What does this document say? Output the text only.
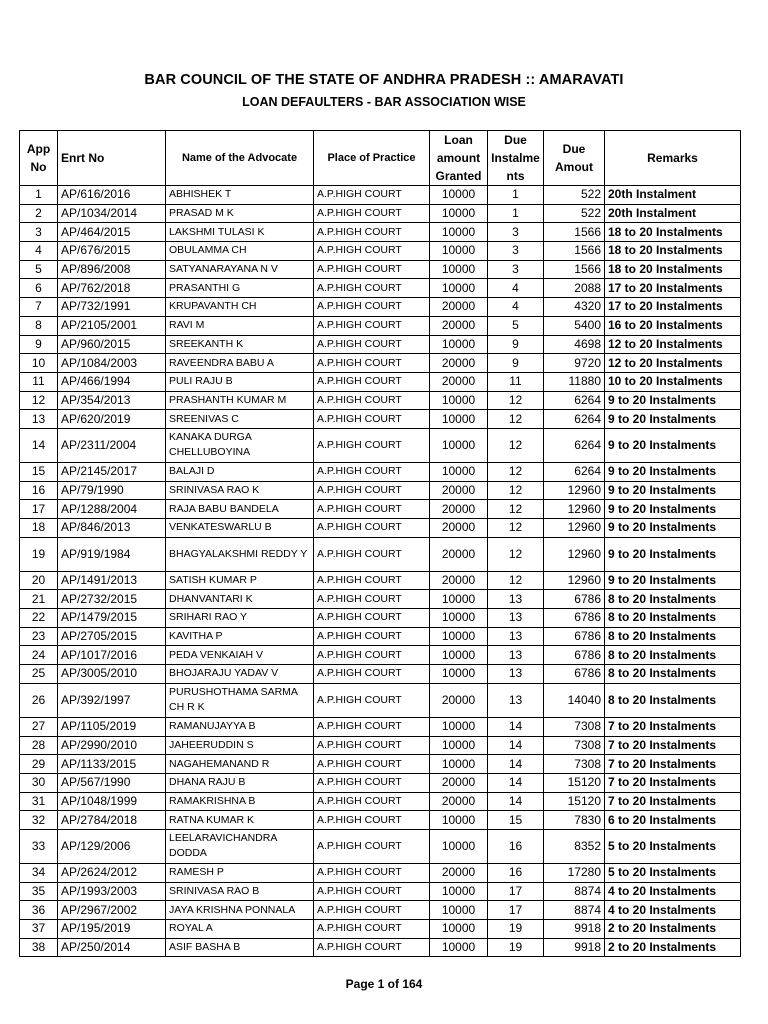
BAR COUNCIL OF THE STATE OF ANDHRA PRADESH :: AMARAVATI
LOAN DEFAULTERS - BAR ASSOCIATION WISE
App No	Enrt No	Name of the Advocate	Place of Practice	Loan amount Granted	Due Instalme nts	Due Amout	Remarks
1	AP/616/2016	ABHISHEK T	A.P.HIGH COURT	10000	1	522	20th Instalment
2	AP/1034/2014	PRASAD M K	A.P.HIGH COURT	10000	1	522	20th Instalment
3	AP/464/2015	LAKSHMI TULASI K	A.P.HIGH COURT	10000	3	1566	18 to 20 Instalments
4	AP/676/2015	OBULAMMA CH	A.P.HIGH COURT	10000	3	1566	18 to 20 Instalments
5	AP/896/2008	SATYANARAYANA N V	A.P.HIGH COURT	10000	3	1566	18 to 20 Instalments
6	AP/762/2018	PRASANTHI G	A.P.HIGH COURT	10000	4	2088	17 to 20 Instalments
7	AP/732/1991	KRUPAVANTH CH	A.P.HIGH COURT	20000	4	4320	17 to 20 Instalments
8	AP/2105/2001	RAVI M	A.P.HIGH COURT	20000	5	5400	16 to 20 Instalments
9	AP/960/2015	SREEKANTH K	A.P.HIGH COURT	10000	9	4698	12 to 20 Instalments
10	AP/1084/2003	RAVEENDRA BABU A	A.P.HIGH COURT	20000	9	9720	12 to 20 Instalments
11	AP/466/1994	PULI RAJU B	A.P.HIGH COURT	20000	11	11880	10 to 20 Instalments
12	AP/354/2013	PRASHANTH KUMAR M	A.P.HIGH COURT	10000	12	6264	9 to 20 Instalments
13	AP/620/2019	SREENIVAS C	A.P.HIGH COURT	10000	12	6264	9 to 20 Instalments
14	AP/2311/2004	KANAKA DURGA CHELLUBOYINA	A.P.HIGH COURT	10000	12	6264	9 to 20 Instalments
15	AP/2145/2017	BALAJI D	A.P.HIGH COURT	10000	12	6264	9 to 20 Instalments
16	AP/79/1990	SRINIVASA RAO K	A.P.HIGH COURT	20000	12	12960	9 to 20 Instalments
17	AP/1288/2004	RAJA BABU BANDELA	A.P.HIGH COURT	20000	12	12960	9 to 20 Instalments
18	AP/846/2013	VENKATESWARLU B	A.P.HIGH COURT	20000	12	12960	9 to 20 Instalments
19	AP/919/1984	BHAGYALAKSHMI REDDY Y	A.P.HIGH COURT	20000	12	12960	9 to 20 Instalments
20	AP/1491/2013	SATISH KUMAR P	A.P.HIGH COURT	20000	12	12960	9 to 20 Instalments
21	AP/2732/2015	DHANVANTARI K	A.P.HIGH COURT	10000	13	6786	8 to 20 Instalments
22	AP/1479/2015	SRIHARI RAO Y	A.P.HIGH COURT	10000	13	6786	8 to 20 Instalments
23	AP/2705/2015	KAVITHA P	A.P.HIGH COURT	10000	13	6786	8 to 20 Instalments
24	AP/1017/2016	PEDA VENKAIAH V	A.P.HIGH COURT	10000	13	6786	8 to 20 Instalments
25	AP/3005/2010	BHOJARAJU YADAV V	A.P.HIGH COURT	10000	13	6786	8 to 20 Instalments
26	AP/392/1997	PURUSHOTHAMA SARMA CH R K	A.P.HIGH COURT	20000	13	14040	8 to 20 Instalments
27	AP/1105/2019	RAMANUJAYYA B	A.P.HIGH COURT	10000	14	7308	7 to 20 Instalments
28	AP/2990/2010	JAHEERUDDIN S	A.P.HIGH COURT	10000	14	7308	7 to 20 Instalments
29	AP/1133/2015	NAGAHEMANAND R	A.P.HIGH COURT	10000	14	7308	7 to 20 Instalments
30	AP/567/1990	DHANA RAJU B	A.P.HIGH COURT	20000	14	15120	7 to 20 Instalments
31	AP/1048/1999	RAMAKRISHNA B	A.P.HIGH COURT	20000	14	15120	7 to 20 Instalments
32	AP/2784/2018	RATNA KUMAR K	A.P.HIGH COURT	10000	15	7830	6 to 20 Instalments
33	AP/129/2006	LEELARAVICHANDRA DODDA	A.P.HIGH COURT	10000	16	8352	5 to 20 Instalments
34	AP/2624/2012	RAMESH P	A.P.HIGH COURT	20000	16	17280	5 to 20 Instalments
35	AP/1993/2003	SRINIVASA RAO B	A.P.HIGH COURT	10000	17	8874	4 to 20 Instalments
36	AP/2967/2002	JAYA KRISHNA PONNALA	A.P.HIGH COURT	10000	17	8874	4 to 20 Instalments
37	AP/195/2019	ROYAL A	A.P.HIGH COURT	10000	19	9918	2 to 20 Instalments
38	AP/250/2014	ASIF BASHA B	A.P.HIGH COURT	10000	19	9918	2 to 20 Instalments
Page 1 of 164
